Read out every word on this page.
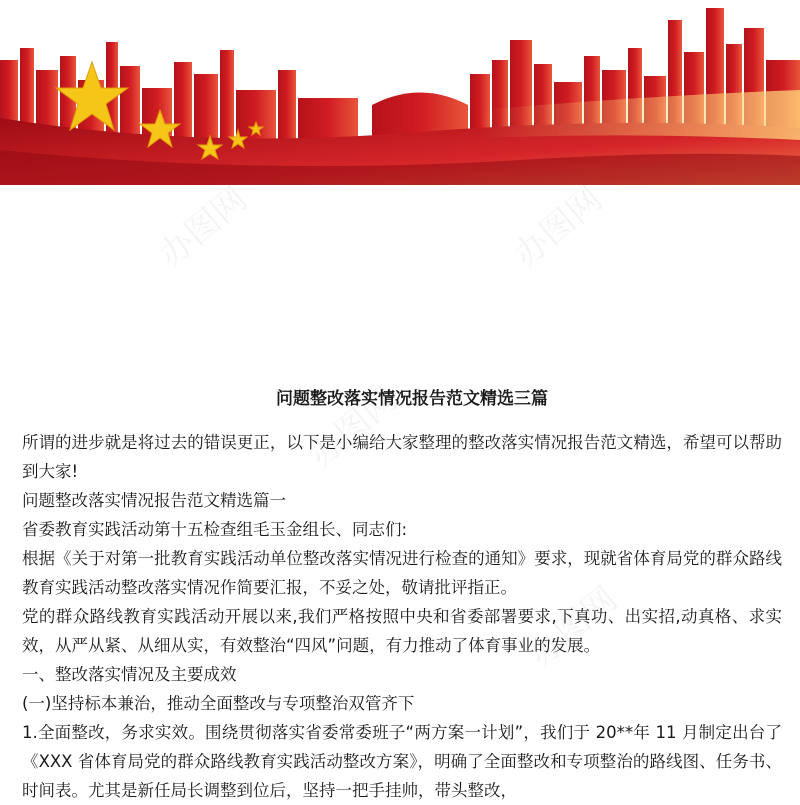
问题整改落实情况报告范文精选三篇

所谓的进步就是将过去的错误更正，以下是小编给大家整理的整改落实情况报告范文精选，希望可以帮助到大家!

问题整改落实情况报告范文精选篇一

省委教育实践活动第十五检查组毛玉金组长、同志们:

根据《关于对第一批教育实践活动单位整改落实情况进行检查的通知》要求，现就省体育局党的群众路线教育实践活动整改落实情况作简要汇报，不妥之处，敬请批评指正。

党的群众路线教育实践活动开展以来,我们严格按照中央和省委部署要求,下真功、出实招,动真格、求实效，从严从紧、从细从实，有效整治“四风”问题，有力推动了体育事业的发展。

一、整改落实情况及主要成效

(一)坚持标本兼治，推动全面整改与专项整治双管齐下

1.全面整改，务求实效。围绕贯彻落实省委常委班子“两方案一计划”，我们于 20**年 11 月制定出台了《XXX 省体育局党的群众路线教育实践活动整改方案》，明确了全面整改和专项整治的路线图、任务书、时间表。尤其是新任局长调整到位后，坚持一把手挂帅，带头整改，
